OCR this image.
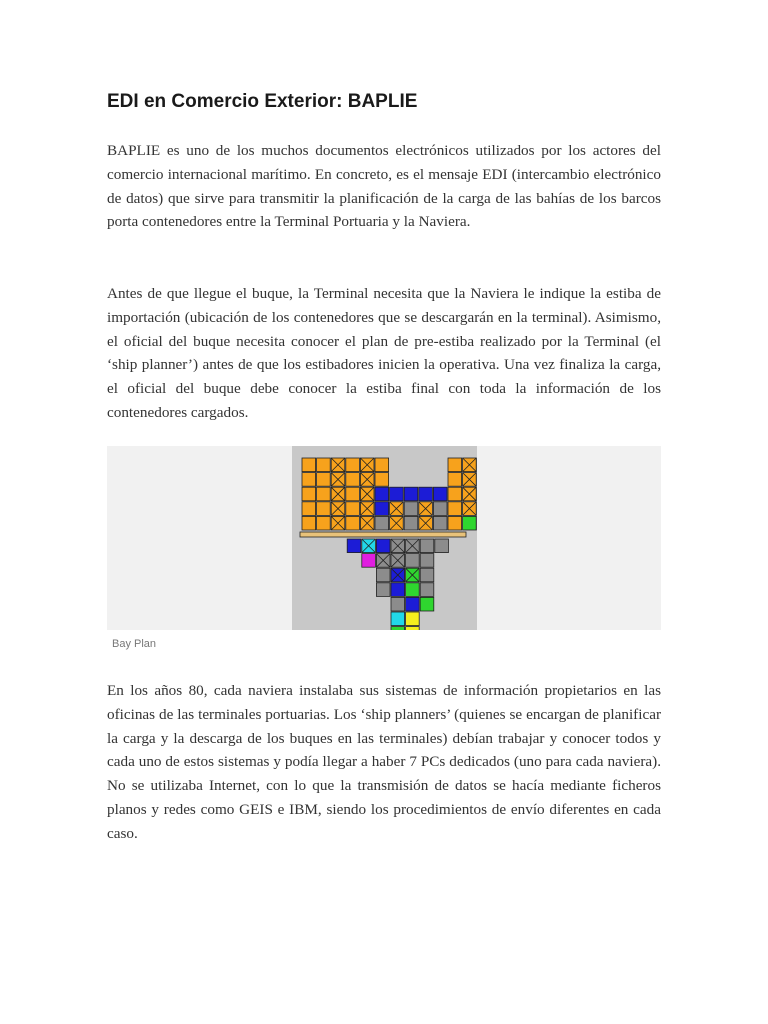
EDI en Comercio Exterior: BAPLIE

BAPLIE es uno de los muchos documentos electrónicos utilizados por los actores del comercio internacional marítimo. En concreto, es el mensaje EDI (intercambio electrónico de datos) que sirve para transmitir la planificación de la carga de las bahías de los barcos porta contenedores entre la Terminal Portuaria y la Naviera.

Antes de que llegue el buque, la Terminal necesita que la Naviera le indique la estiba de importación (ubicación de los contenedores que se descargarán en la terminal). Asimismo, el oficial del buque necesita conocer el plan de pre-estiba realizado por la Terminal (el ‘ship planner’) antes de que los estibadores inicien la operativa. Una vez finaliza la carga, el oficial del buque debe conocer la estiba final con toda la información de los contenedores cargados.

Bay Plan

En los años 80, cada naviera instalaba sus sistemas de información propietarios en las oficinas de las terminales portuarias. Los ‘ship planners’ (quienes se encargan de planificar la carga y la descarga de los buques en las terminales) debían trabajar y conocer todos y cada uno de estos sistemas y podía llegar a haber 7 PCs dedicados (uno para cada naviera). No se utilizaba Internet, con lo que la transmisión de datos se hacía mediante ficheros planos y redes como GEIS e IBM, siendo los procedimientos de envío diferentes en cada caso.
